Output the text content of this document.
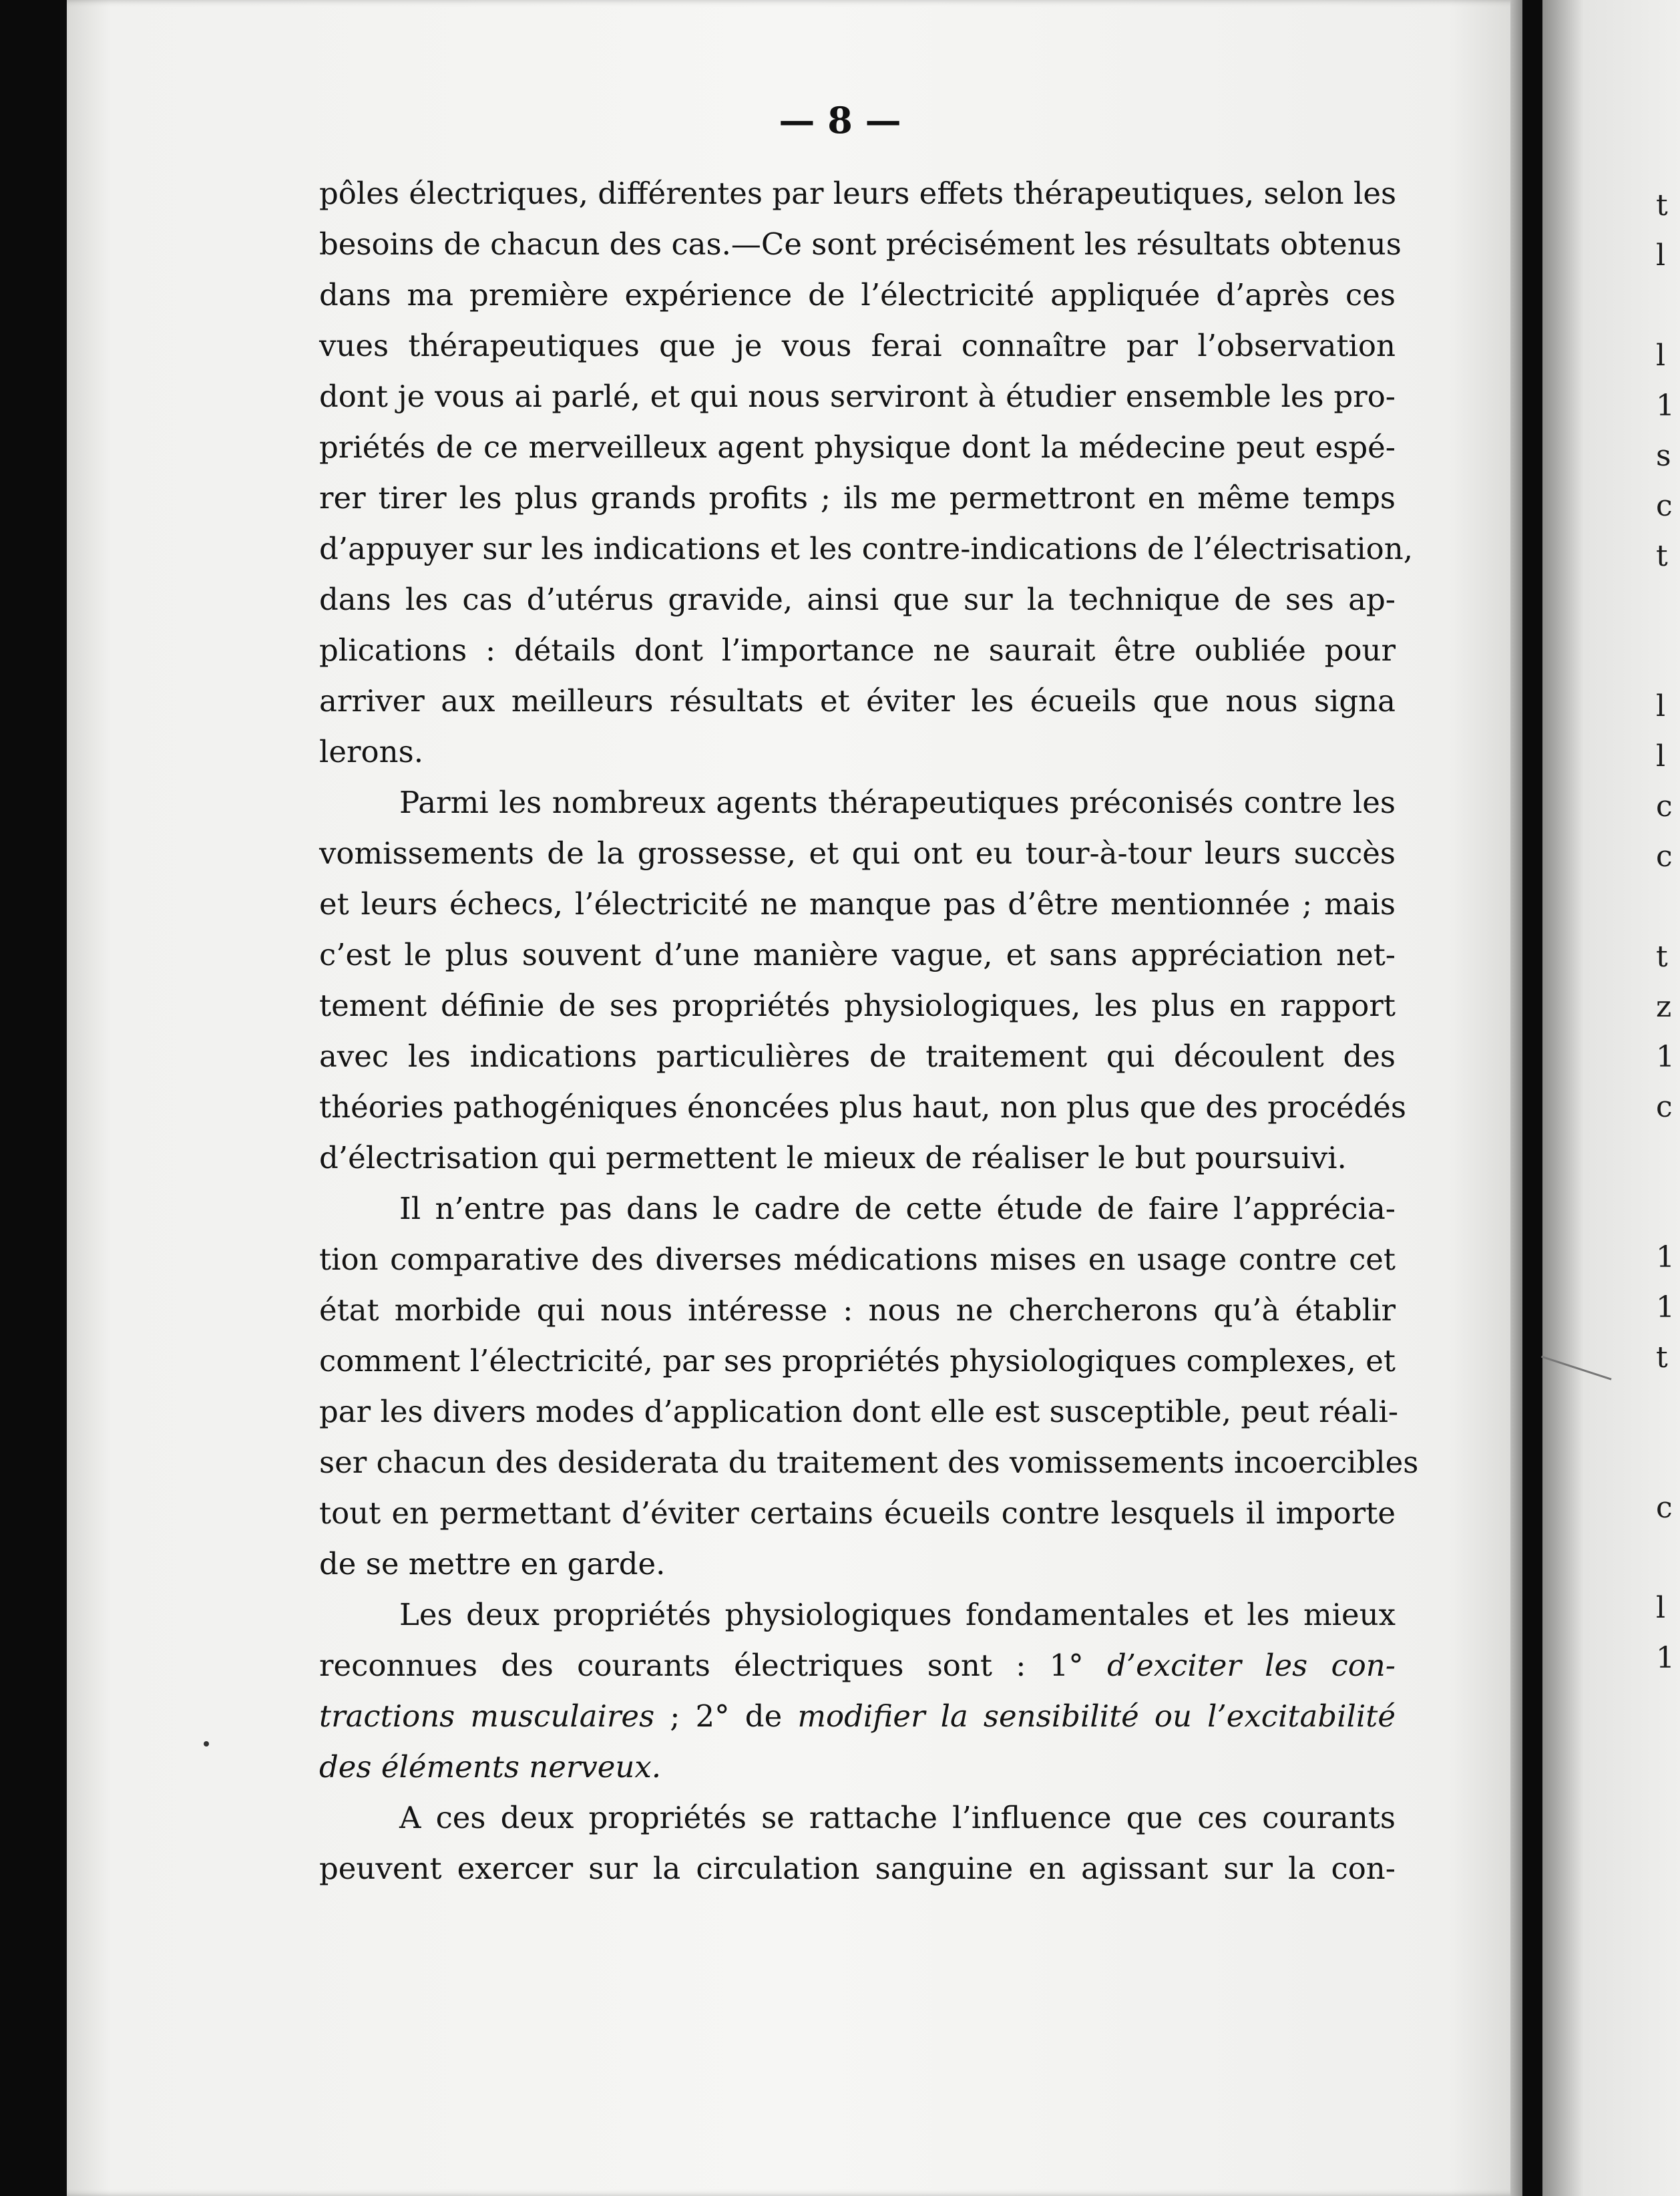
t
l

l
1
s
c
t

l
l
c
c

t
z
1
c

1
1
t

c

l
1
— 8 —
pôles électriques, différentes par leurs effets thérapeutiques, selon les
besoins de chacun des cas.—Ce sont précisément les résultats obtenus
dans ma première expérience de l’électricité appliquée d’après ces
vues thérapeutiques que je vous ferai connaître par l’observation
dont je vous ai parlé, et qui nous serviront à étudier ensemble les pro-
priétés de ce merveilleux agent physique dont la médecine peut espé-
rer tirer les plus grands profits ; ils me permettront en même temps
d’appuyer sur les indications et les contre-indications de l’électrisation,
dans les cas d’utérus gravide, ainsi que sur la technique de ses ap-
plications : détails dont l’importance ne saurait être oubliée pour
arriver aux meilleurs résultats et éviter les écueils que nous signa
lerons.
Parmi les nombreux agents thérapeutiques préconisés contre les
vomissements de la grossesse, et qui ont eu tour-à-tour leurs succès
et leurs échecs, l’électricité ne manque pas d’être mentionnée ; mais
c’est le plus souvent d’une manière vague, et sans appréciation net-
tement définie de ses propriétés physiologiques, les plus en rapport
avec les indications particulières de traitement qui découlent des
théories pathogéniques énoncées plus haut, non plus que des procédés
d’électrisation qui permettent le mieux de réaliser le but poursuivi.
Il n’entre pas dans le cadre de cette étude de faire l’apprécia-
tion comparative des diverses médications mises en usage contre cet
état morbide qui nous intéresse : nous ne chercherons qu’à établir
comment l’électricité, par ses propriétés physiologiques complexes, et
par les divers modes d’application dont elle est susceptible, peut réali-
ser chacun des desiderata du traitement des vomissements incoercibles
tout en permettant d’éviter certains écueils contre lesquels il importe
de se mettre en garde.
Les deux propriétés physiologiques fondamentales et les mieux
reconnues des courants électriques sont : 1° d’exciter les con-
tractions musculaires ; 2° de modifier la sensibilité ou l’excitabilité
des éléments nerveux.
A ces deux propriétés se rattache l’influence que ces courants
peuvent exercer sur la circulation sanguine en agissant sur la con-
